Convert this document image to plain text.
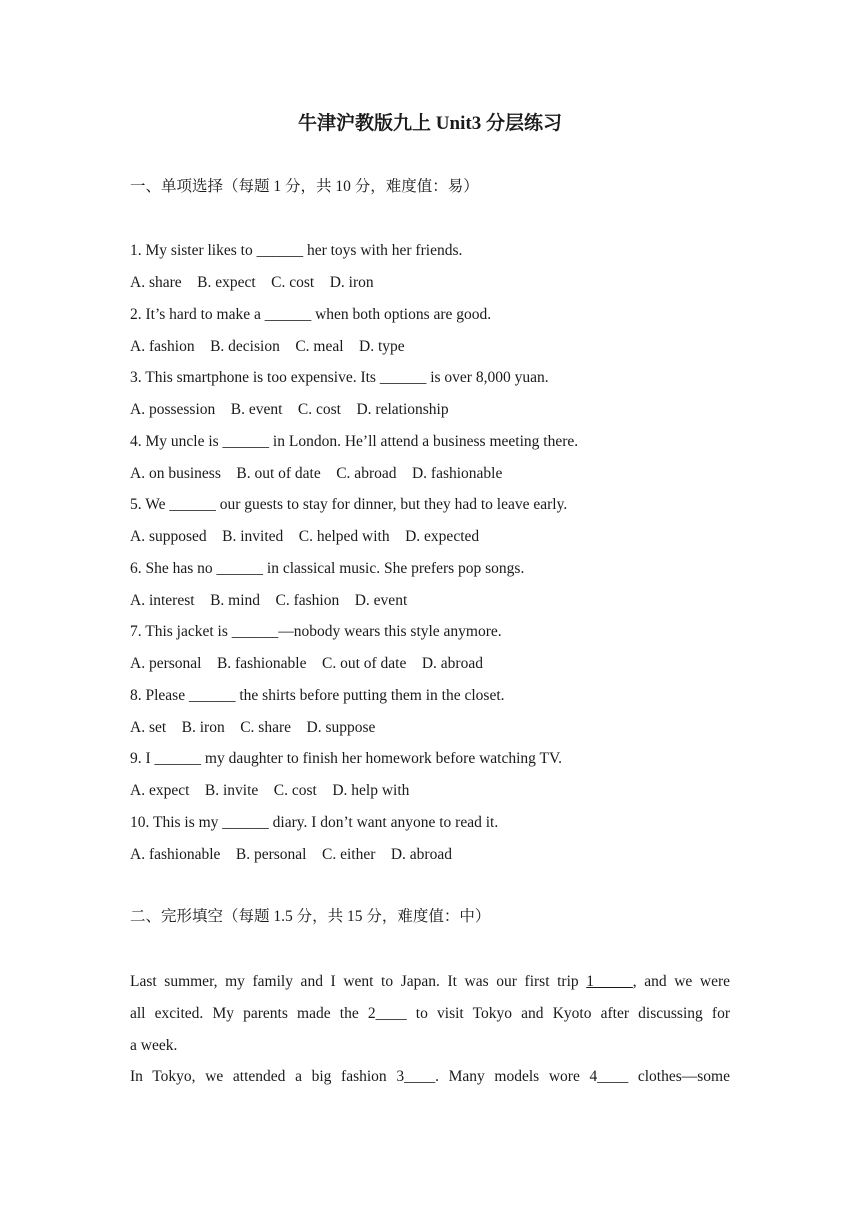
牛津沪教版九上 Unit3 分层练习
一、单项选择（每题 1 分，共 10 分，难度值：易）
1. My sister likes to ______ her toys with her friends.
A. share    B. expect    C. cost    D. iron
2. It’s hard to make a ______ when both options are good.
A. fashion    B. decision    C. meal    D. type
3. This smartphone is too expensive. Its ______ is over 8,000 yuan.
A. possession    B. event    C. cost    D. relationship
4. My uncle is ______ in London. He’ll attend a business meeting there.
A. on business    B. out of date    C. abroad    D. fashionable
5. We ______ our guests to stay for dinner, but they had to leave early.
A. supposed    B. invited    C. helped with    D. expected
6. She has no ______ in classical music. She prefers pop songs.
A. interest    B. mind    C. fashion    D. event
7. This jacket is ______—nobody wears this style anymore.
A. personal    B. fashionable    C. out of date    D. abroad
8. Please ______ the shirts before putting them in the closet.
A. set    B. iron    C. share    D. suppose
9. I ______ my daughter to finish her homework before watching TV.
A. expect    B. invite    C. cost    D. help with
10. This is my ______ diary. I don’t want anyone to read it.
A. fashionable    B. personal    C. either    D. abroad
二、完形填空（每题 1.5 分，共 15 分，难度值：中）
Last summer, my family and I went to Japan. It was our first trip 1_____, and we were
all excited. My parents made the 2____ to visit Tokyo and Kyoto after discussing for
a week.
In Tokyo, we attended a big fashion 3____. Many models wore 4____ clothes—some
